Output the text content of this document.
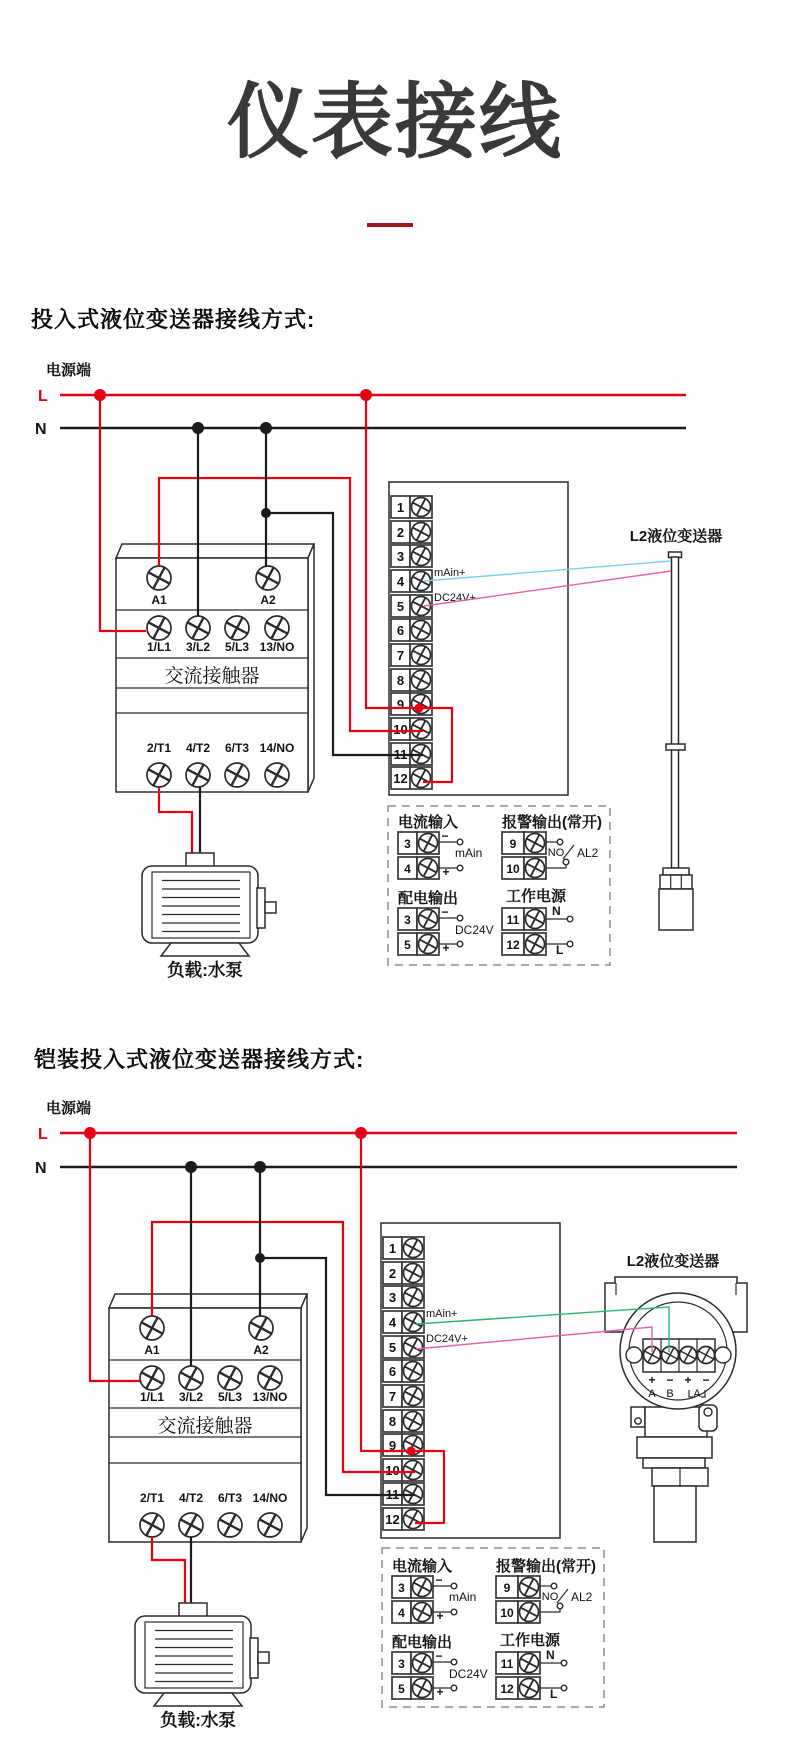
仪表接线
投入式液位变送器接线方式:
铠装投入式液位变送器接线方式:
电源端
L
N
A1	A2
1/L1 3/L2 5/L3 13/NO
交流接触器
2/T1 4/T2 6/T3 14/NO
1
2
3
4
5
6
7
8
9
10
11
12
mAin+
DC24V+
L2液位变送器
负载:水泵
电流输入
3
4
−
+
mAin
报警输出(常开)
9
10
NO AL2
配电输出
3
5
−
+
DC24V
工作电源
11
12
N
L
电源端
L
N
A1	A2
1/L1 3/L2 5/L3 13/NO
交流接触器
2/T1 4/T2 6/T3 14/NO
1
2
3
4
5
6
7
8
9
10
11
12
mAin+
DC24V+
L2液位变送器
+ − + −
A B A
负载:水泵
电流输入
3
4
−
+
mAin
报警输出(常开)
9
10
NO AL2
配电输出
3
5
−
+
DC24V
工作电源
11
12
N
L
